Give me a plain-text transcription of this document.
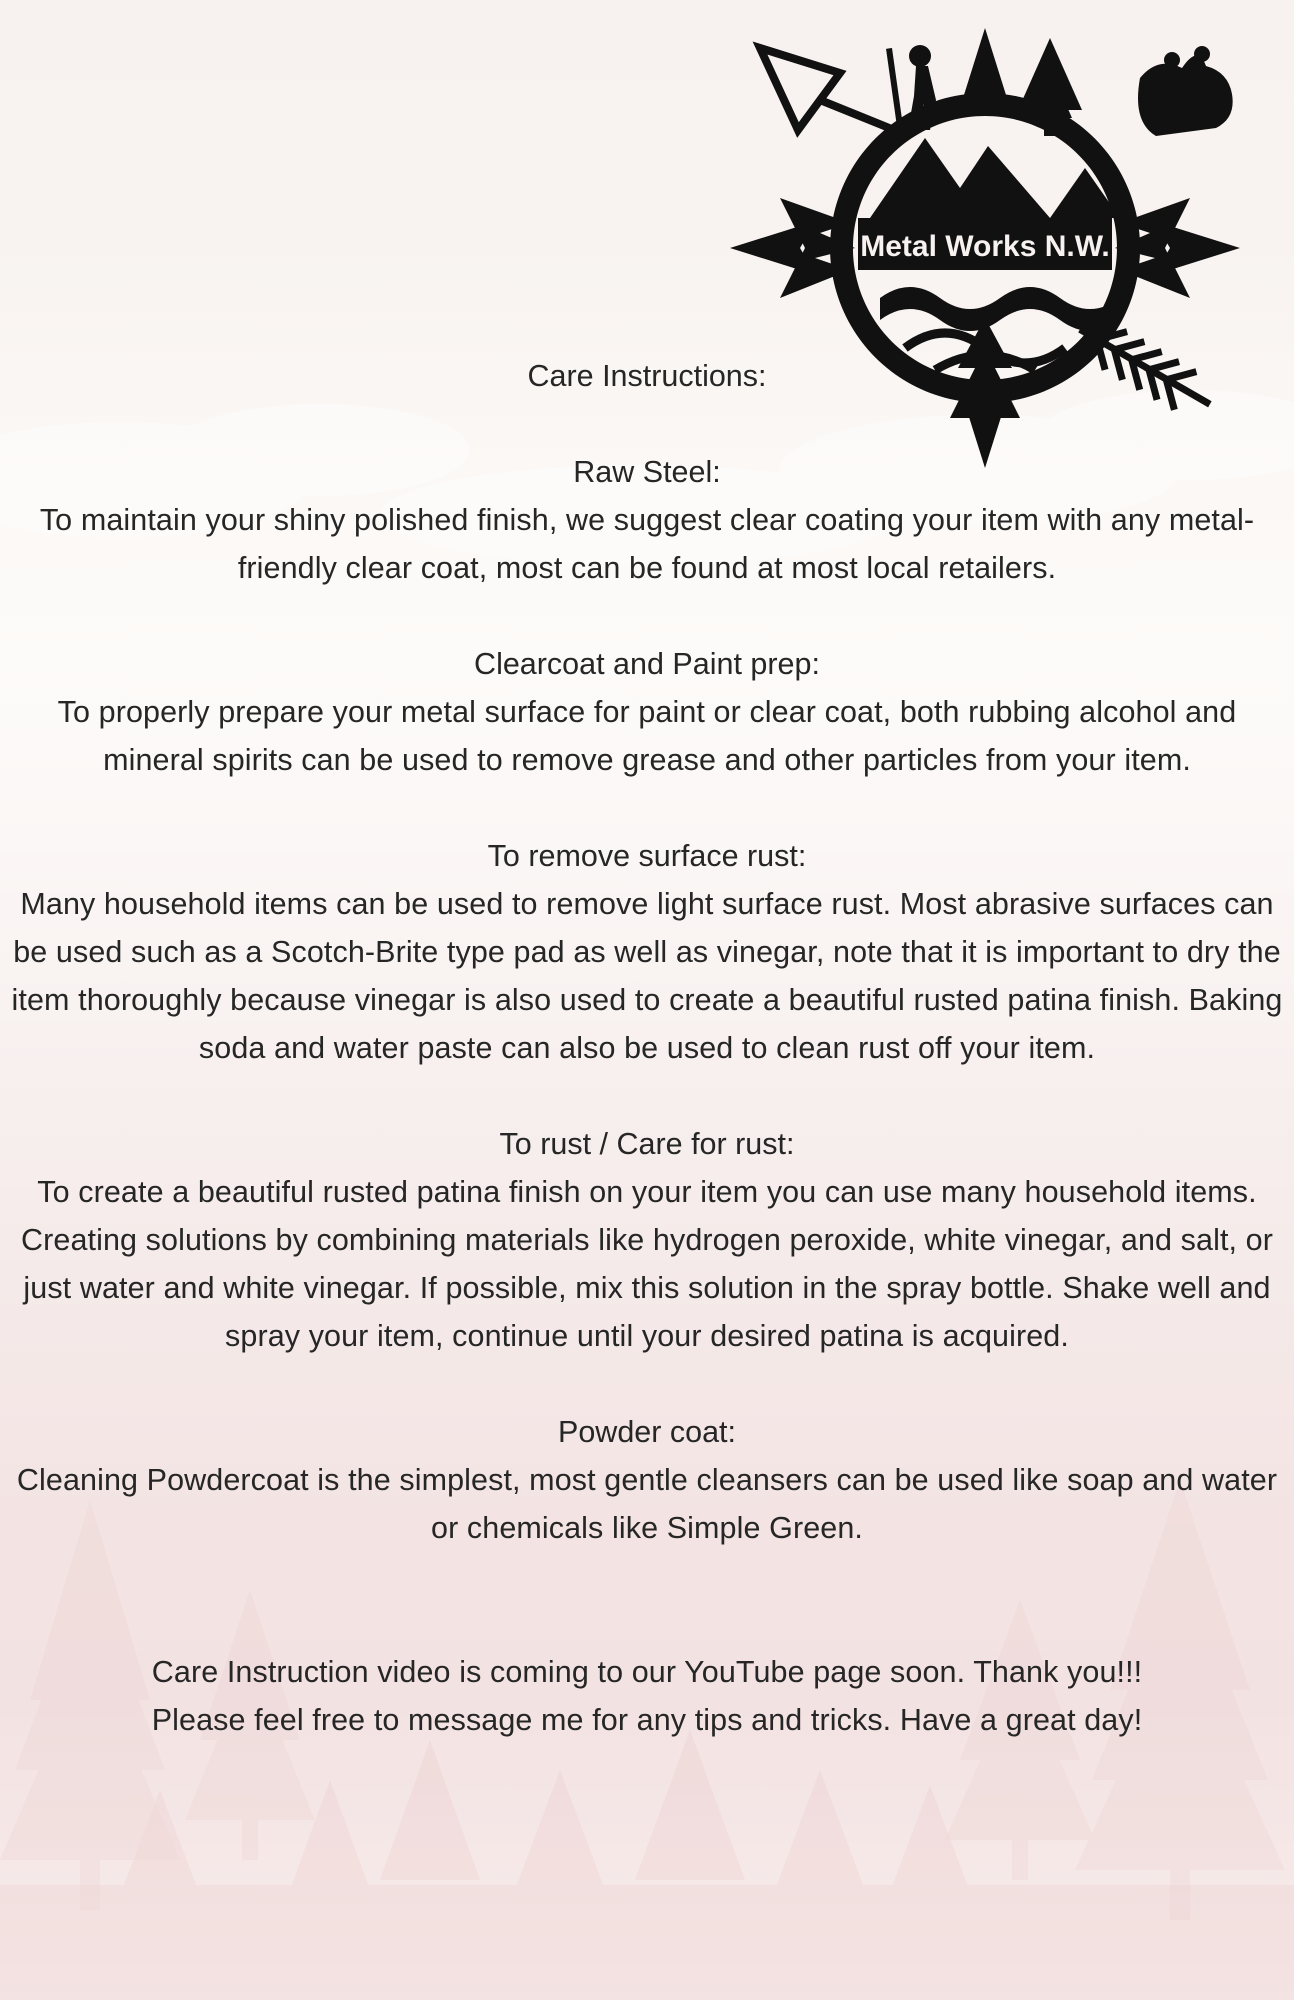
Metal Works N.W.

Care Instructions:

Raw Steel:

To maintain your shiny polished finish, we suggest clear coating your item with any metal-friendly clear coat, most can be found at most local retailers.

Clearcoat and Paint prep:

To properly prepare your metal surface for paint or clear coat, both rubbing alcohol and mineral spirits can be used to remove grease and other particles from your item.

To remove surface rust:

Many household items can be used to remove light surface rust. Most abrasive surfaces can be used such as a Scotch-Brite type pad as well as vinegar, note that it is important to dry the item thoroughly because vinegar is also used to create a beautiful rusted patina finish. Baking soda and water paste can also be used to clean rust off your item.

To rust / Care for rust:

To create a beautiful rusted patina finish on your item you can use many household items. Creating solutions by combining materials like hydrogen peroxide, white vinegar, and salt, or just water and white vinegar. If possible, mix this solution in the spray bottle. Shake well and spray your item, continue until your desired patina is acquired.

Powder coat:

Cleaning Powdercoat is the simplest, most gentle cleansers can be used like soap and water or chemicals like Simple Green.

Care Instruction video is coming to our YouTube page soon. Thank you!!!

Please feel free to message me for any tips and tricks. Have a great day!
